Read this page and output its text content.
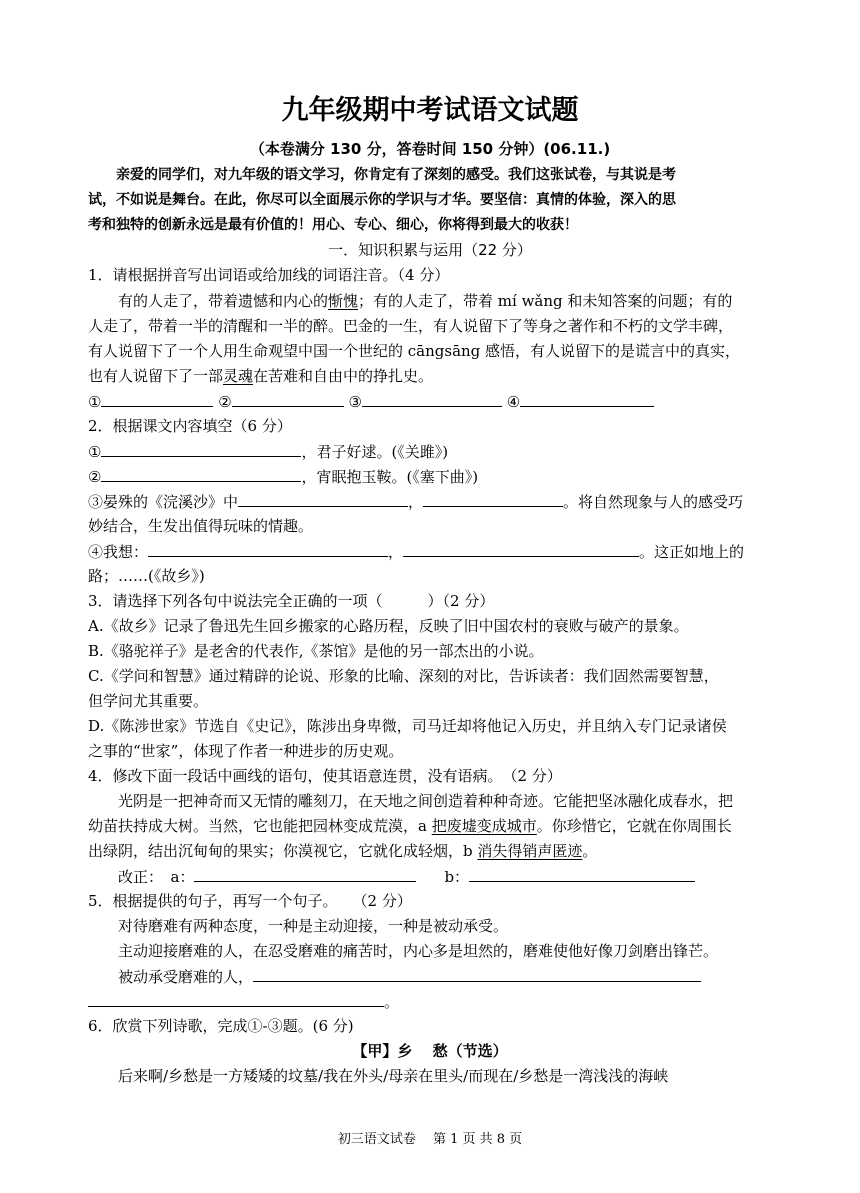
九年级期中考试语文试题
（本卷满分 130 分，答卷时间 150 分钟）(06.11.)
亲爱的同学们，对九年级的语文学习，你肯定有了深刻的感受。我们这张试卷，与其说是考
试，不如说是舞台。在此，你尽可以全面展示你的学识与才华。要坚信：真情的体验，深入的思
考和独特的创新永远是最有价值的！用心、专心、细心，你将得到最大的收获！
一．知识积累与运用（22 分）
1．请根据拼音写出词语或给加线的词语注音。（4 分）
有的人走了，带着遗憾和内心的惭愧；有的人走了，带着 mí wǎng 和未知答案的问题；有的
人走了，带着一半的清醒和一半的醉。巴金的一生，有人说留下了等身之著作和不朽的文学丰碑，
有人说留下了一个人用生命观望中国一个世纪的 cāngsāng 感悟，有人说留下的是谎言中的真实，
也有人说留下了一部灵魂在苦难和自由中的挣扎史。
①	②	③	④
2．根据课文内容填空（6 分）
①	，君子好逑。(《关雎》)
②	，宵眠抱玉鞍。(《塞下曲》)
③晏殊的《浣溪沙》中	，	。将自然现象与人的感受巧
妙结合，生发出值得玩味的情趣。
④我想：	，	。这正如地上的
路；……(《故乡》)
3．请选择下列各句中说法完全正确的一项（　　　）（2 分）
A.《故乡》记录了鲁迅先生回乡搬家的心路历程，反映了旧中国农村的衰败与破产的景象。
B.《骆驼祥子》是老舍的代表作,《茶馆》是他的另一部杰出的小说。
C.《学问和智慧》通过精辟的论说、形象的比喻、深刻的对比，告诉读者：我们固然需要智慧，
但学问尤其重要。
D.《陈涉世家》节选自《史记》，陈涉出身卑微，司马迁却将他记入历史，并且纳入专门记录诸侯
之事的“世家”，体现了作者一种进步的历史观。
4．修改下面一段话中画线的语句，使其语意连贯，没有语病。　（2 分）
光阴是一把神奇而又无情的雕刻刀，在天地之间创造着种种奇迹。它能把坚冰融化成春水，把
幼苗扶持成大树。当然，它也能把园林变成荒漠，a 把废墟变成城市。你珍惜它，它就在你周围长
出绿阴，结出沉甸甸的果实；你漠视它，它就化成轻烟，b 消失得销声匿迹。
改正：　a：	b：
5．根据提供的句子，再写一个句子。　　（2 分）
对待磨难有两种态度，一种是主动迎接，一种是被动承受。
主动迎接磨难的人，在忍受磨难的痛苦时，内心多是坦然的，磨难使他好像刀剑磨出锋芒。
被动承受磨难的人，
。
6．欣赏下列诗歌，完成①-③题。(6 分)
【甲】乡　 愁（节选）
后来啊/乡愁是一方矮矮的坟墓/我在外头/母亲在里头/而现在/乡愁是一湾浅浅的海峡
初三语文试卷　 第 1 页 共 8 页
